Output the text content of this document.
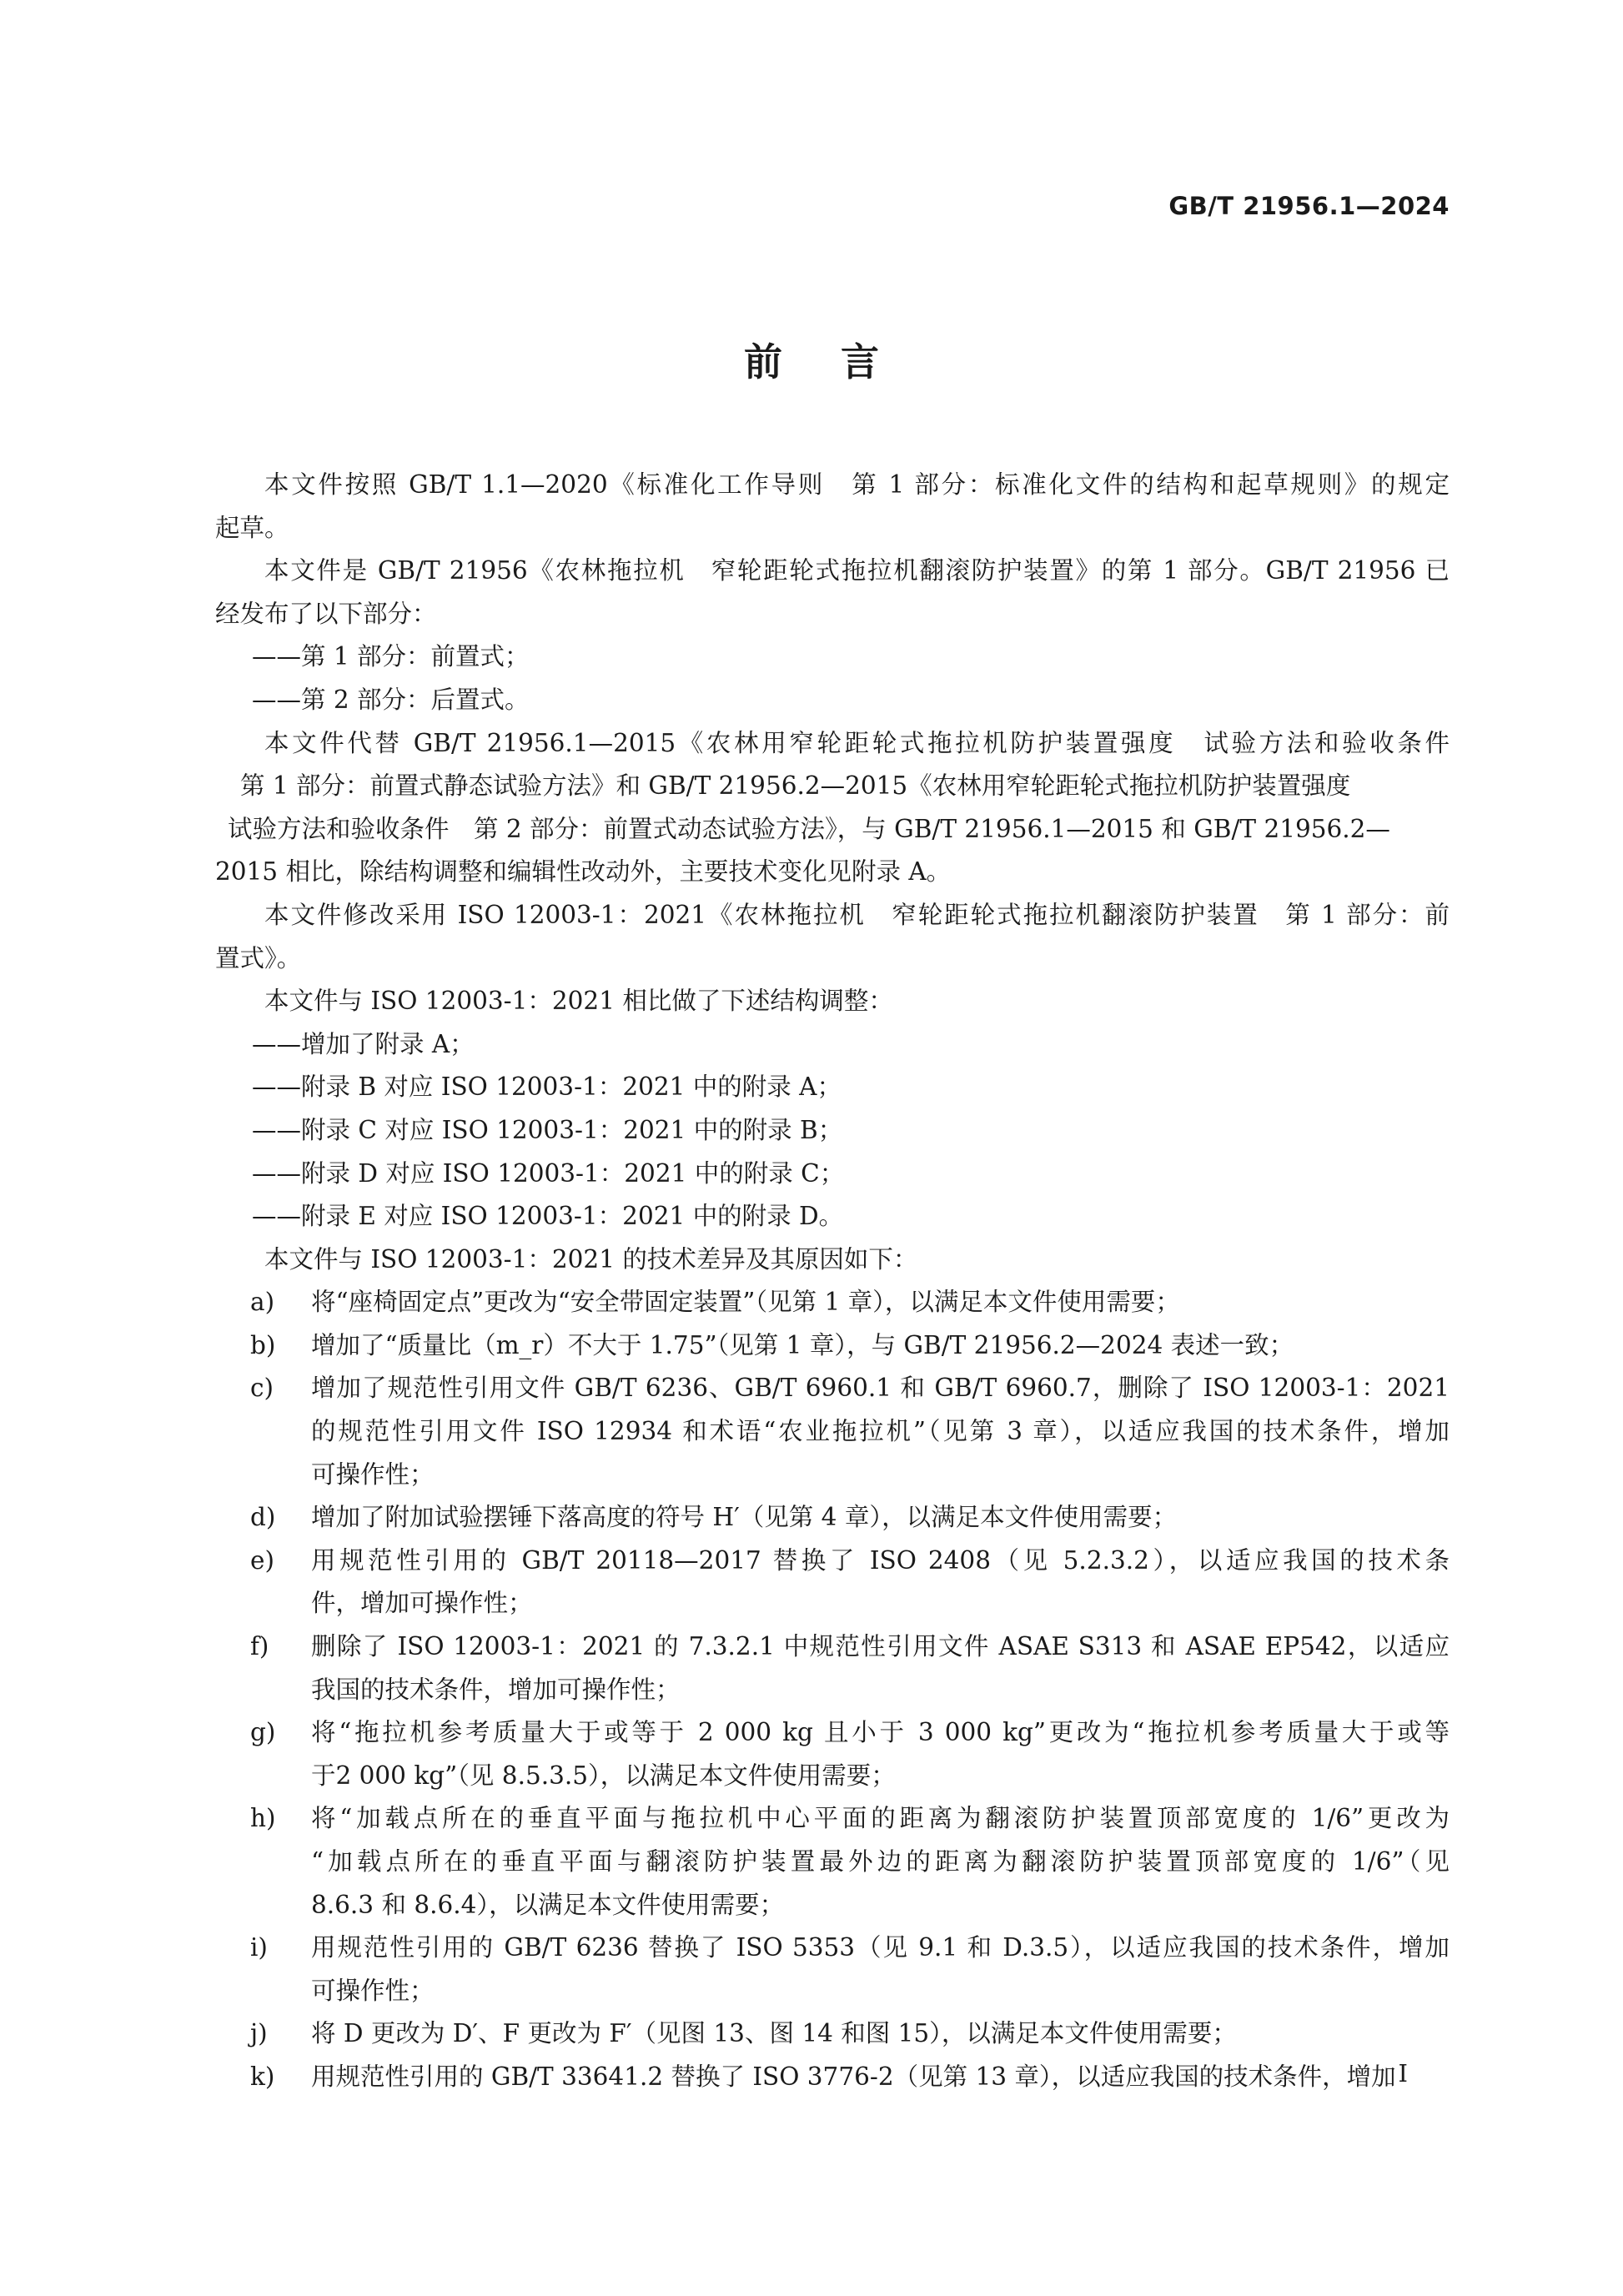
GB/T 21956.1—2024
前言
本文件按照 GB/T 1.1—2020《标准化工作导则　第 1 部分：标准化文件的结构和起草规则》的规定
起草。
本文件是 GB/T 21956《农林拖拉机　窄轮距轮式拖拉机翻滚防护装置》的第 1 部分。GB/T 21956 已
经发布了以下部分：
——第 1 部分：前置式；
——第 2 部分：后置式。
本文件代替 GB/T 21956.1—2015《农林用窄轮距轮式拖拉机防护装置强度　试验方法和验收条件
第 1 部分：前置式静态试验方法》和 GB/T 21956.2—2015《农林用窄轮距轮式拖拉机防护装置强度
试验方法和验收条件　第 2 部分：前置式动态试验方法》，与 GB/T 21956.1—2015 和 GB/T 21956.2—
2015 相比，除结构调整和编辑性改动外，主要技术变化见附录 A。
本文件修改采用 ISO 12003-1：2021《农林拖拉机　窄轮距轮式拖拉机翻滚防护装置　第 1 部分：前
置式》。
本文件与 ISO 12003-1：2021 相比做了下述结构调整：
——增加了附录 A；
——附录 B 对应 ISO 12003-1：2021 中的附录 A；
——附录 C 对应 ISO 12003-1：2021 中的附录 B；
——附录 D 对应 ISO 12003-1：2021 中的附录 C；
——附录 E 对应 ISO 12003-1：2021 中的附录 D。
本文件与 ISO 12003-1：2021 的技术差异及其原因如下：
a)	将“座椅固定点”更改为“安全带固定装置”（见第 1 章），以满足本文件使用需要；
b)	增加了“质量比（m_r）不大于 1.75”（见第 1 章），与 GB/T 21956.2—2024 表述一致；
c)	增加了规范性引用文件 GB/T 6236、GB/T 6960.1 和 GB/T 6960.7，删除了 ISO 12003-1：2021
的规范性引用文件 ISO 12934 和术语“农业拖拉机”（见第 3 章），以适应我国的技术条件，增加
可操作性；
d)	增加了附加试验摆锤下落高度的符号 H′（见第 4 章），以满足本文件使用需要；
e)	用规范性引用的 GB/T 20118—2017 替换了 ISO 2408（见 5.2.3.2），以适应我国的技术条
件，增加可操作性；
f)	删除了 ISO 12003-1：2021 的 7.3.2.1 中规范性引用文件 ASAE S313 和 ASAE EP542，以适应
我国的技术条件，增加可操作性；
g)	将“拖拉机参考质量大于或等于 2 000 kg 且小于 3 000 kg”更改为“拖拉机参考质量大于或等
于2 000 kg”（见 8.5.3.5），以满足本文件使用需要；
h)	将“加载点所在的垂直平面与拖拉机中心平面的距离为翻滚防护装置顶部宽度的 1/6”更改为
“加载点所在的垂直平面与翻滚防护装置最外边的距离为翻滚防护装置顶部宽度的 1/6”（见
8.6.3 和 8.6.4），以满足本文件使用需要；
i)	用规范性引用的 GB/T 6236 替换了 ISO 5353（见 9.1 和 D.3.5），以适应我国的技术条件，增加
可操作性；
j)	将 D 更改为 D′、F 更改为 F′（见图 13、图 14 和图 15），以满足本文件使用需要；
k)	用规范性引用的 GB/T 33641.2 替换了 ISO 3776-2（见第 13 章），以适应我国的技术条件，增加 I
